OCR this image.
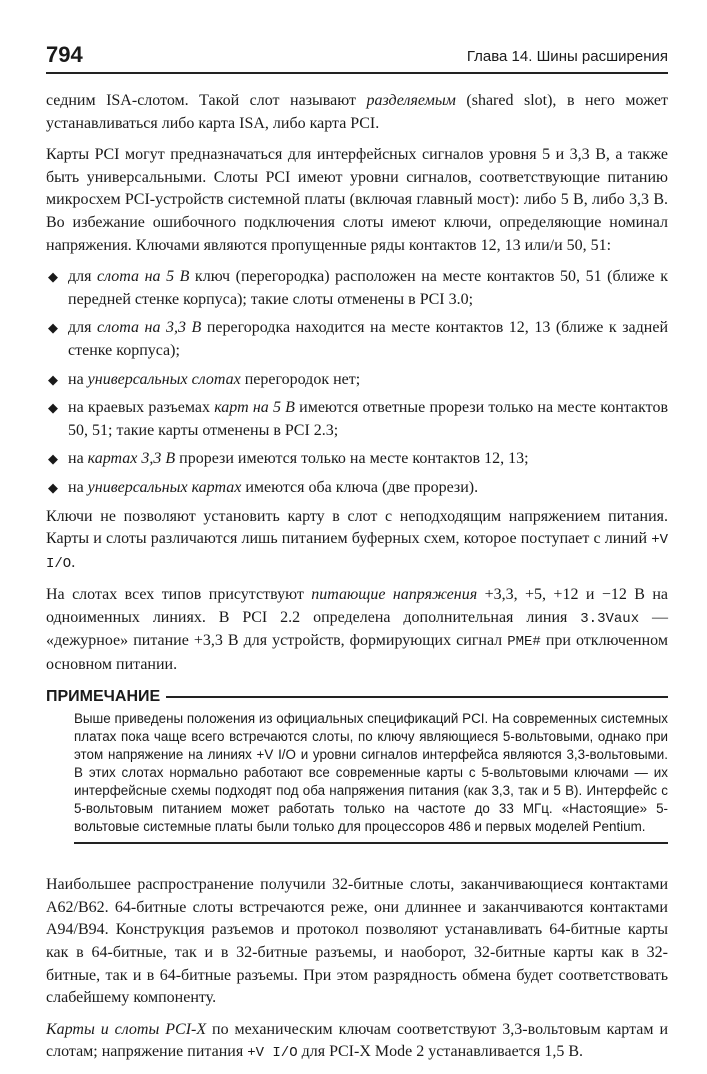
794	Глава 14. Шины расширения

седним ISA-слотом. Такой слот называют разделяемым (shared slot), в него может устанавливаться либо карта ISA, либо карта PCI.

Карты PCI могут предназначаться для интерфейсных сигналов уровня 5 и 3,3 В, а также быть универсальными. Слоты PCI имеют уровни сигналов, соответствующие питанию микросхем PCI-устройств системной платы (включая главный мост): либо 5 В, либо 3,3 В. Во избежание ошибочного подключения слоты имеют ключи, определяющие номинал напряжения. Ключами являются пропущенные ряды контактов 12, 13 или/и 50, 51:

◆ для слота на 5 В ключ (перегородка) расположен на месте контактов 50, 51 (ближе к передней стенке корпуса); такие слоты отменены в PCI 3.0;
◆ для слота на 3,3 В перегородка находится на месте контактов 12, 13 (ближе к задней стенке корпуса);
◆ на универсальных слотах перегородок нет;
◆ на краевых разъемах карт на 5 В имеются ответные прорези только на месте контактов 50, 51; такие карты отменены в PCI 2.3;
◆ на картах 3,3 В прорези имеются только на месте контактов 12, 13;
◆ на универсальных картах имеются оба ключа (две прорези).

Ключи не позволяют установить карту в слот с неподходящим напряжением питания. Карты и слоты различаются лишь питанием буферных схем, которое поступает с линий +V I/O.

На слотах всех типов присутствуют питающие напряжения +3,3, +5, +12 и −12 В на одноименных линиях. В PCI 2.2 определена дополнительная линия 3.3Vaux — «дежурное» питание +3,3 В для устройств, формирующих сигнал PME# при отключенном основном питании.

ПРИМЕЧАНИЕ
Выше приведены положения из официальных спецификаций PCI. На современных системных платах пока чаще всего встречаются слоты, по ключу являющиеся 5-вольтовыми, однако при этом напряжение на линиях +V I/O и уровни сигналов интерфейса являются 3,3-вольтовыми. В этих слотах нормально работают все современные карты с 5-вольтовыми ключами — их интерфейсные схемы подходят под оба напряжения питания (как 3,3, так и 5 В). Интерфейс с 5-вольтовым питанием может работать только на частоте до 33 МГц. «Настоящие» 5-вольтовые системные платы были только для процессоров 486 и первых моделей Pentium.

Наибольшее распространение получили 32-битные слоты, заканчивающиеся контактами A62/B62. 64-битные слоты встречаются реже, они длиннее и заканчиваются контактами A94/B94. Конструкция разъемов и протокол позволяют устанавливать 64-битные карты как в 64-битные, так и в 32-битные разъемы, и наоборот, 32-битные карты как в 32-битные, так и в 64-битные разъемы. При этом разрядность обмена будет соответствовать слабейшему компоненту.

Карты и слоты PCI-X по механическим ключам соответствуют 3,3-вольтовым картам и слотам; напряжение питания +V I/O для PCI-X Mode 2 устанавливается 1,5 В.
